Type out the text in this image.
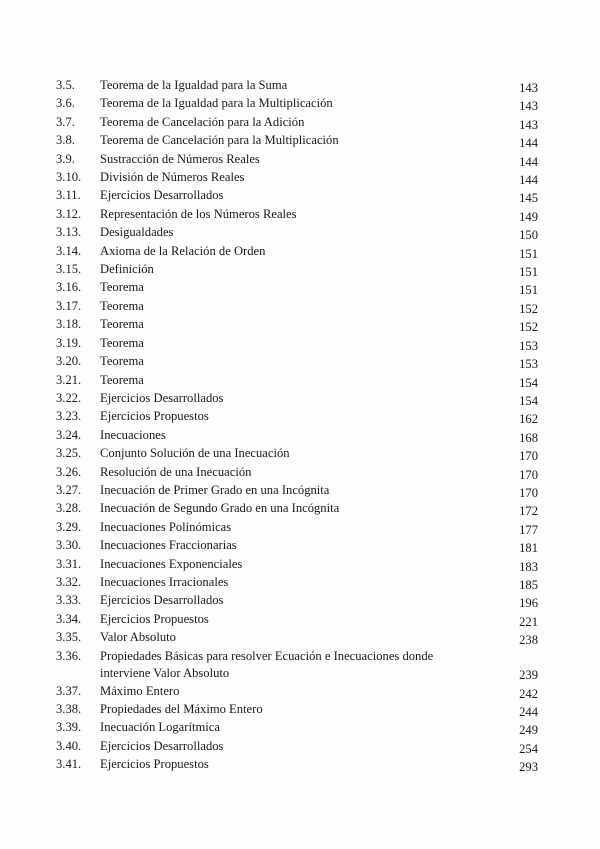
3.5.	Teorema de la Igualdad para la Suma	143
3.6.	Teorema de la Igualdad para la Multiplicación	143
3.7.	Teorema de Cancelación para la Adición	143
3.8.	Teorema de Cancelación para la Multiplicación	144
3.9.	Sustracción de Números Reales	144
3.10.	División de Números Reales	144
3.11.	Ejercicios Desarrollados	145
3.12.	Representación de los Números Reales	149
3.13.	Desigualdades	150
3.14.	Axioma de la Relación de Orden	151
3.15.	Definición	151
3.16.	Teorema	151
3.17.	Teorema	152
3.18.	Teorema	152
3.19.	Teorema	153
3.20.	Teorema	153
3.21.	Teorema	154
3.22.	Ejercicios Desarrollados	154
3.23.	Ejercicios Propuestos	162
3.24.	Inecuaciones	168
3.25.	Conjunto Solución de una Inecuación	170
3.26.	Resolución de una Inecuación	170
3.27.	Inecuación de Primer Grado en una Incógnita	170
3.28.	Inecuación de Segundo Grado en una Incógnita	172
3.29.	Inecuaciones Polinómicas	177
3.30.	Inecuaciones Fraccionarias	181
3.31.	Inecuaciones Exponenciales	183
3.32.	Inecuaciones Irracionales	185
3.33.	Ejercicios Desarrollados	196
3.34.	Ejercicios Propuestos	221
3.35.	Valor Absoluto	238
3.36.	Propiedades Básicas para resolver Ecuación e Inecuaciones donde interviene Valor Absoluto	239
3.37.	Máximo Entero	242
3.38.	Propiedades del Máximo Entero	244
3.39.	Inecuación Logarítmica	249
3.40.	Ejercicios Desarrollados	254
3.41.	Ejercicios Propuestos	293
